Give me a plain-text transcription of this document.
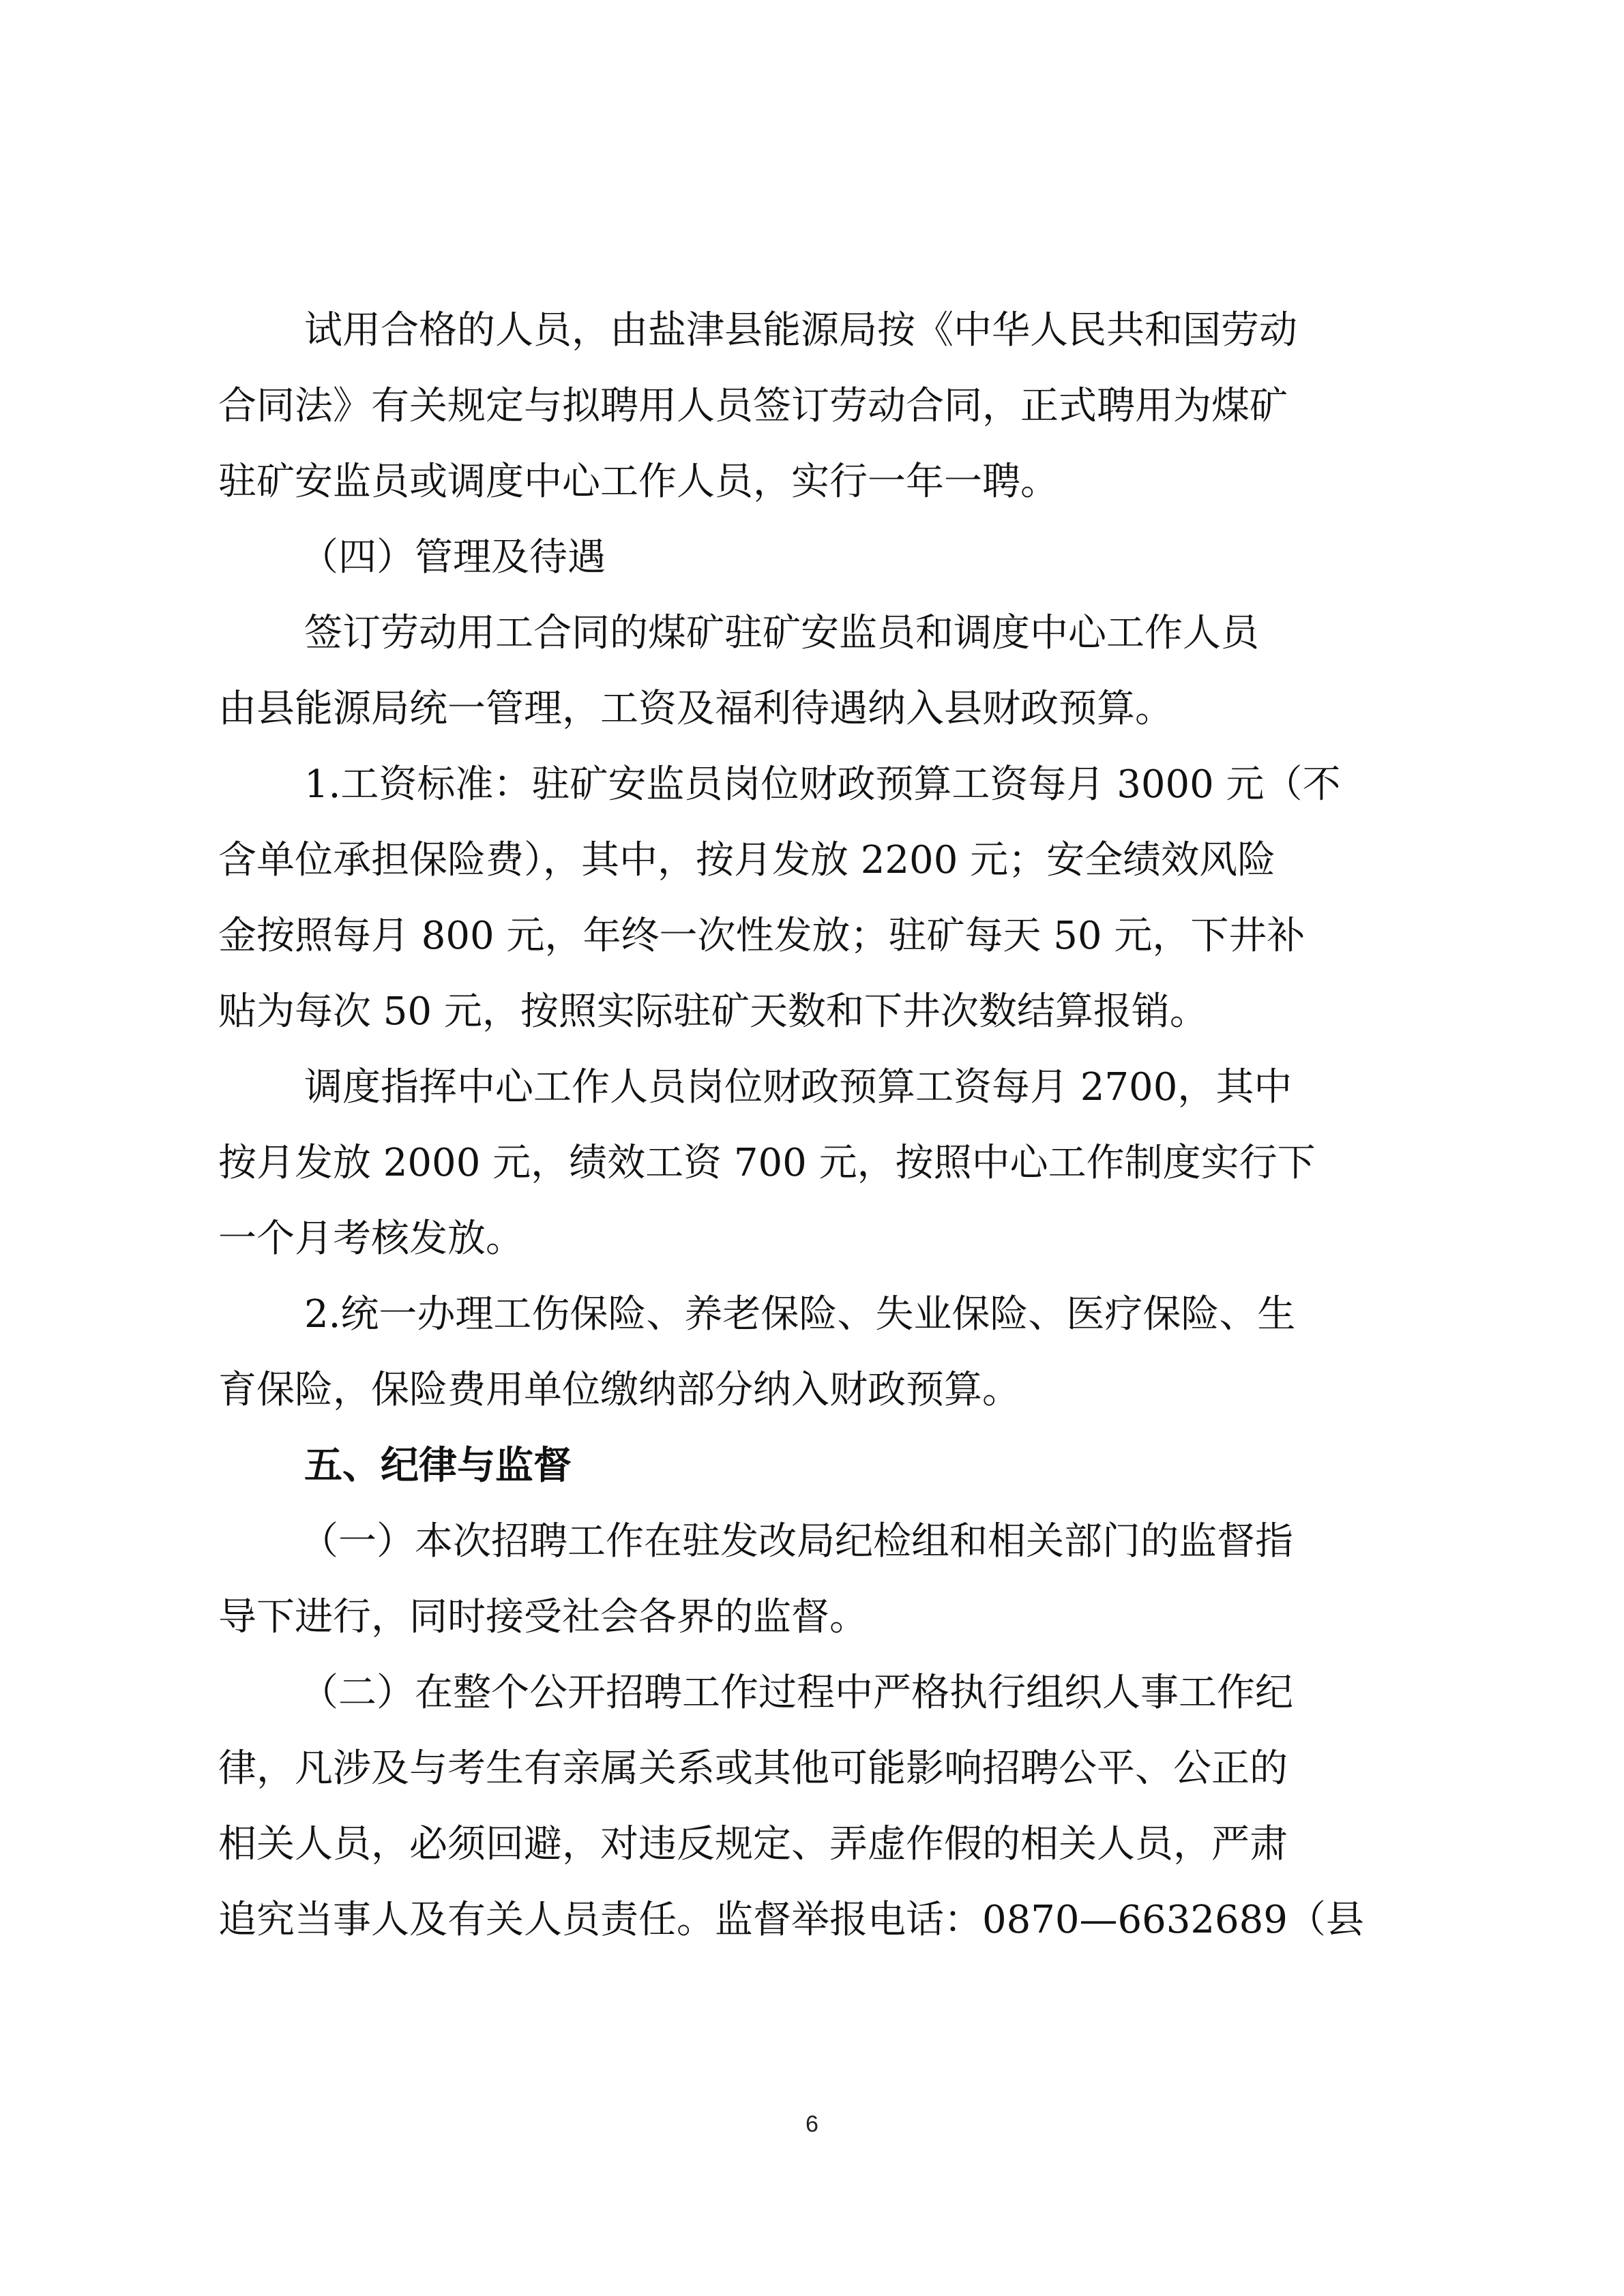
试用合格的人员，由盐津县能源局按《中华人民共和国劳动
合同法》有关规定与拟聘用人员签订劳动合同，正式聘用为煤矿
驻矿安监员或调度中心工作人员，实行一年一聘。
（四）管理及待遇
签订劳动用工合同的煤矿驻矿安监员和调度中心工作人员
由县能源局统一管理，工资及福利待遇纳入县财政预算。
1.工资标准：驻矿安监员岗位财政预算工资每月 3000 元（不
含单位承担保险费），其中，按月发放 2200 元；安全绩效风险
金按照每月 800 元，年终一次性发放；驻矿每天 50 元，下井补
贴为每次 50 元，按照实际驻矿天数和下井次数结算报销。
调度指挥中心工作人员岗位财政预算工资每月 2700，其中
按月发放 2000 元，绩效工资 700 元，按照中心工作制度实行下
一个月考核发放。
2.统一办理工伤保险、养老保险、失业保险、医疗保险、生
育保险，保险费用单位缴纳部分纳入财政预算。
五、纪律与监督
（一）本次招聘工作在驻发改局纪检组和相关部门的监督指
导下进行，同时接受社会各界的监督。
（二）在整个公开招聘工作过程中严格执行组织人事工作纪
律，凡涉及与考生有亲属关系或其他可能影响招聘公平、公正的
相关人员，必须回避，对违反规定、弄虚作假的相关人员，严肃
追究当事人及有关人员责任。监督举报电话：0870—6632689（县
6
